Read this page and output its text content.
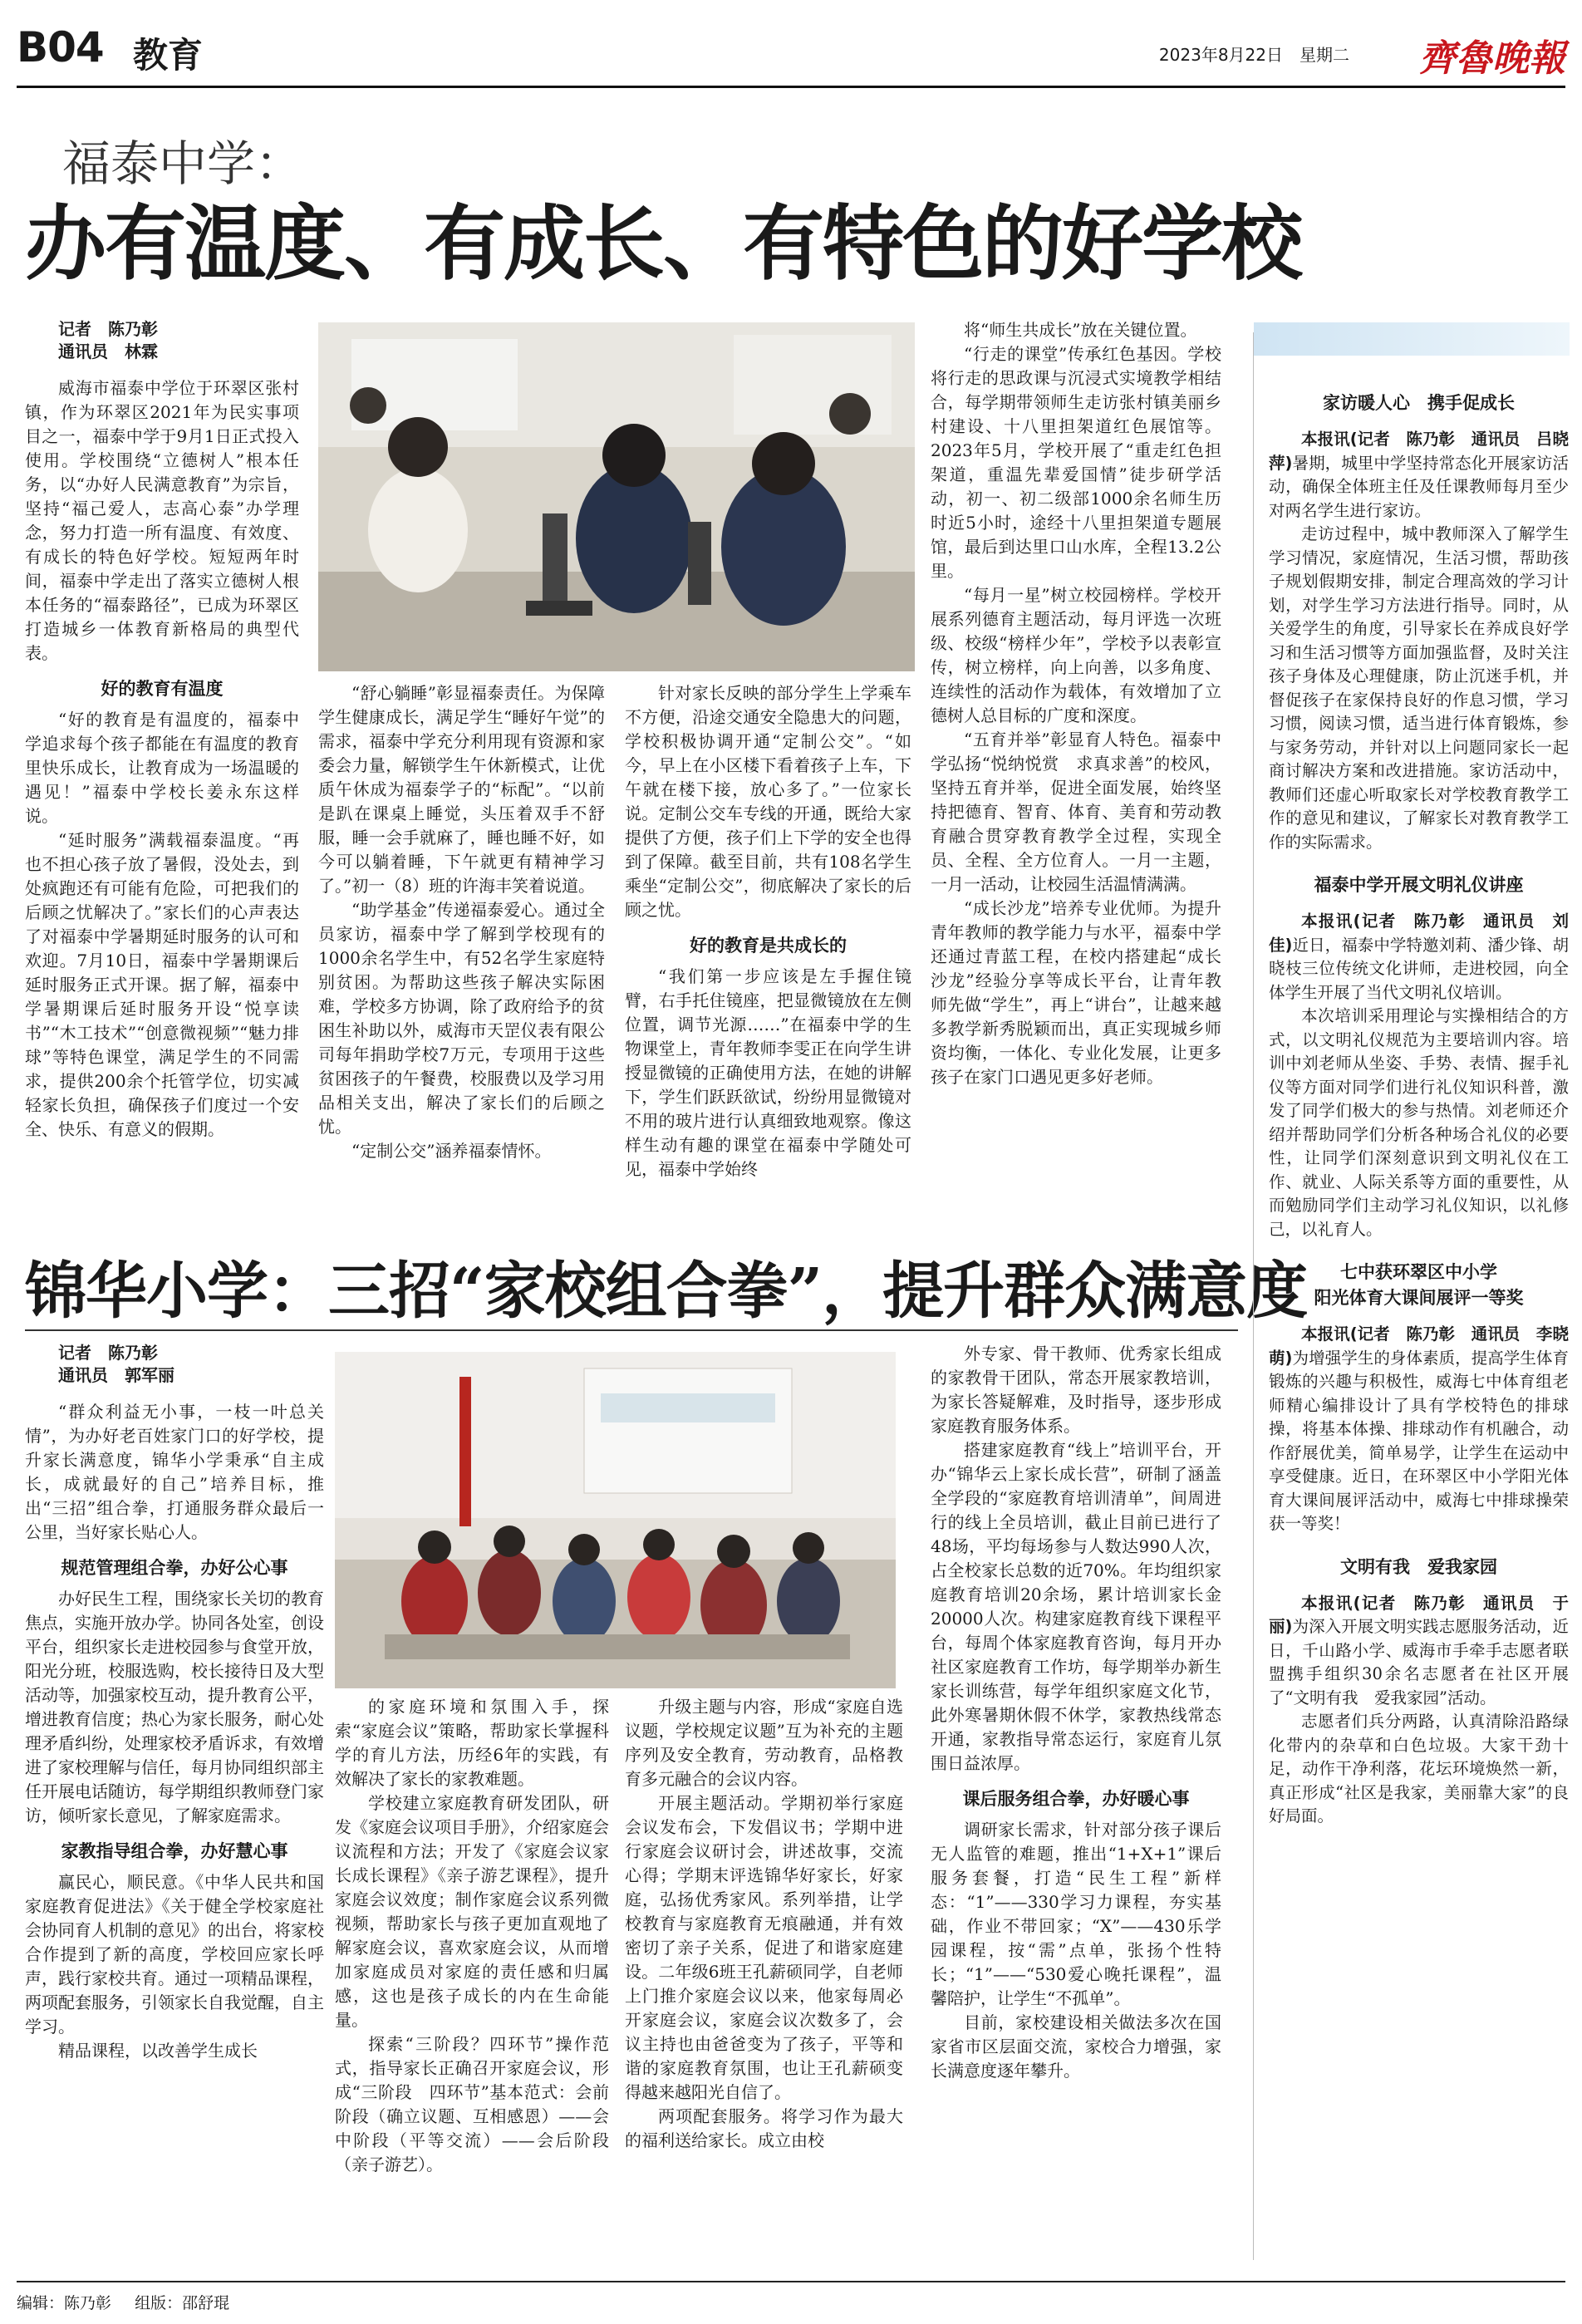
B04 教育	2023年8月22日　星期二 齊魯晚報
福泰中学：
办有温度、有成长、有特色的好学校
记者　陈乃彰
通讯员　林霖

威海市福泰中学位于环翠区张村镇，作为环翠区2021年为民实事项目之一，福泰中学于9月1日正式投入使用。学校围绕“立德树人”根本任务，以“办好人民满意教育”为宗旨，坚持“福己爱人，志高心泰”办学理念，努力打造一所有温度、有效度、有成长的特色好学校。短短两年时间，福泰中学走出了落实立德树人根本任务的“福泰路径”，已成为环翠区打造城乡一体教育新格局的典型代表。

好的教育有温度

“好的教育是有温度的，福泰中学追求每个孩子都能在有温度的教育里快乐成长，让教育成为一场温暖的遇见！”福泰中学校长姜永东这样说。

“延时服务”满载福泰温度。“再也不担心孩子放了暑假，没处去，到处疯跑还有可能有危险，可把我们的后顾之忧解决了。”家长们的心声表达了对福泰中学暑期延时服务的认可和欢迎。7月10日，福泰中学暑期课后延时服务正式开课。据了解，福泰中学暑期课后延时服务开设“悦享读书”“木工技术”“创意微视频”“魅力排球”等特色课堂，满足学生的不同需求，提供200余个托管学位，切实减轻家长负担，确保孩子们度过一个安全、快乐、有意义的假期。

“舒心躺睡”彰显福泰责任。为保障学生健康成长，满足学生“睡好午觉”的需求，福泰中学充分利用现有资源和家委会力量，解锁学生午休新模式，让优质午休成为福泰学子的“标配”。“以前是趴在课桌上睡觉，头压着双手不舒服，睡一会手就麻了，睡也睡不好，如今可以躺着睡，下午就更有精神学习了。”初一（8）班的许海丰笑着说道。

“助学基金”传递福泰爱心。通过全员家访，福泰中学了解到学校现有的1000余名学生中，有52名学生家庭特别贫困。为帮助这些孩子解决实际困难，学校多方协调，除了政府给予的贫困生补助以外，威海市天罡仪表有限公司每年捐助学校7万元，专项用于这些贫困孩子的午餐费，校服费以及学习用品相关支出，解决了家长们的后顾之忧。

“定制公交”涵养福泰情怀。

针对家长反映的部分学生上学乘车不方便，沿途交通安全隐患大的问题，学校积极协调开通“定制公交”。“如今，早上在小区楼下看着孩子上车，下午就在楼下接，放心多了。”一位家长说。定制公交车专线的开通，既给大家提供了方便，孩子们上下学的安全也得到了保障。截至目前，共有108名学生乘坐“定制公交”，彻底解决了家长的后顾之忧。

好的教育是共成长的

“我们第一步应该是左手握住镜臂，右手托住镜座，把显微镜放在左侧位置，调节光源……”在福泰中学的生物课堂上，青年教师李雯正在向学生讲授显微镜的正确使用方法，在她的讲解下，学生们跃跃欲试，纷纷用显微镜对不用的玻片进行认真细致地观察。像这样生动有趣的课堂在福泰中学随处可见，福泰中学始终

将“师生共成长”放在关键位置。

“行走的课堂”传承红色基因。学校将行走的思政课与沉浸式实境教学相结合，每学期带领师生走访张村镇美丽乡村建设、十八里担架道红色展馆等。2023年5月，学校开展了“重走红色担架道，重温先辈爱国情”徒步研学活动，初一、初二级部1000余名师生历时近5小时，途经十八里担架道专题展馆，最后到达里口山水库，全程13.2公里。

“每月一星”树立校园榜样。学校开展系列德育主题活动，每月评选一次班级、校级“榜样少年”，学校予以表彰宣传，树立榜样，向上向善，以多角度、连续性的活动作为载体，有效增加了立德树人总目标的广度和深度。

“五育并举”彰显育人特色。福泰中学弘扬“悦纳悦赏　求真求善”的校风，坚持五育并举，促进全面发展，始终坚持把德育、智育、体育、美育和劳动教育融合贯穿教育教学全过程，实现全员、全程、全方位育人。一月一主题，一月一活动，让校园生活温情满满。

“成长沙龙”培养专业优师。为提升青年教师的教学能力与水平，福泰中学还通过青蓝工程，在校内搭建起“成长沙龙”经验分享等成长平台，让青年教师先做“学生”，再上“讲台”，让越来越多教学新秀脱颖而出，真正实现城乡师资均衡，一体化、专业化发展，让更多孩子在家门口遇见更多好老师。

锦华小学：三招“家校组合拳”，提升群众满意度
记者　陈乃彰
通讯员　郭军丽

“群众利益无小事，一枝一叶总关情”，为办好老百姓家门口的好学校，提升家长满意度，锦华小学秉承“自主成长，成就最好的自己”培养目标，推出“三招”组合拳，打通服务群众最后一公里，当好家长贴心人。

规范管理组合拳，办好公心事

办好民生工程，围绕家长关切的教育焦点，实施开放办学。协同各处室，创设平台，组织家长走进校园参与食堂开放，阳光分班，校服选购，校长接待日及大型活动等，加强家校互动，提升教育公平，增进教育信度；热心为家长服务，耐心处理矛盾纠纷，处理家校矛盾诉求，有效增进了家校理解与信任，每月协同组织部主任开展电话随访，每学期组织教师登门家访，倾听家长意见，了解家庭需求。

家教指导组合拳，办好慧心事

赢民心，顺民意。《中华人民共和国家庭教育促进法》《关于健全学校家庭社会协同育人机制的意见》的出台，将家校合作提到了新的高度，学校回应家长呼声，践行家校共育。通过一项精品课程，两项配套服务，引领家长自我觉醒，自主学习。

精品课程，以改善学生成长

的家庭环境和氛围入手，探索“家庭会议”策略，帮助家长掌握科学的育儿方法，历经6年的实践，有效解决了家长的家教难题。

学校建立家庭教育研发团队，研发《家庭会议项目手册》，介绍家庭会议流程和方法；开发了《家庭会议家长成长课程》《亲子游艺课程》，提升家庭会议效度；制作家庭会议系列微视频，帮助家长与孩子更加直观地了解家庭会议，喜欢家庭会议，从而增加家庭成员对家庭的责任感和归属感，这也是孩子成长的内在生命能量。

探索“三阶段？四环节”操作范式，指导家长正确召开家庭会议，形成“三阶段　四环节”基本范式：会前阶段（确立议题、互相感恩）——会中阶段（平等交流）——会后阶段（亲子游艺）。

升级主题与内容，形成“家庭自选议题，学校规定议题”互为补充的主题序列及安全教育，劳动教育，品格教育多元融合的会议内容。

开展主题活动。学期初举行家庭会议发布会，下发倡议书；学期中进行家庭会议研讨会，讲述故事，交流心得；学期末评选锦华好家长，好家庭，弘扬优秀家风。系列举措，让学校教育与家庭教育无痕融通，并有效密切了亲子关系，促进了和谐家庭建设。二年级6班王孔薪硕同学，自老师上门推介家庭会议以来，他家每周必开家庭会议，家庭会议次数多了，会议主持也由爸爸变为了孩子，平等和谐的家庭教育氛围，也让王孔薪硕变得越来越阳光自信了。

两项配套服务。将学习作为最大的福利送给家长。成立由校

外专家、骨干教师、优秀家长组成的家教骨干团队，常态开展家教培训，为家长答疑解难，及时指导，逐步形成家庭教育服务体系。

搭建家庭教育“线上”培训平台，开办“锦华云上家长成长营”，研制了涵盖全学段的“家庭教育培训清单”，间周进行的线上全员培训，截止目前已进行了48场，平均每场参与人数达990人次，占全校家长总数的近70%。年均组织家庭教育培训20余场，累计培训家长金20000人次。构建家庭教育线下课程平台，每周个体家庭教育咨询，每月开办社区家庭教育工作坊，每学期举办新生家长训练营，每学年组织家庭文化节，此外寒暑期休假不休学，家教热线常态开通，家教指导常态运行，家庭育儿氛围日益浓厚。

课后服务组合拳，办好暖心事

调研家长需求，针对部分孩子课后无人监管的难题，推出“1+X+1”课后服务套餐，打造“民生工程”新样态：“1”——330学习力课程，夯实基础，作业不带回家；“X”——430乐学园课程，按“需”点单，张扬个性特长；“1”——“530爱心晚托课程”，温馨陪护，让学生“不孤单”。

目前，家校建设相关做法多次在国家省市区层面交流，家校合力增强，家长满意度逐年攀升。

家访暖人心　携手促成长

本报讯(记者　陈乃彰　通讯员　吕晓萍)暑期，城里中学坚持常态化开展家访活动，确保全体班主任及任课教师每月至少对两名学生进行家访。

走访过程中，城中教师深入了解学生学习情况，家庭情况，生活习惯，帮助孩子规划假期安排，制定合理高效的学习计划，对学生学习方法进行指导。同时，从关爱学生的角度，引导家长在养成良好学习和生活习惯等方面加强监督，及时关注孩子身体及心理健康，防止沉迷手机，并督促孩子在家保持良好的作息习惯，学习习惯，阅读习惯，适当进行体育锻炼，参与家务劳动，并针对以上问题同家长一起商讨解决方案和改进措施。家访活动中，教师们还虚心听取家长对学校教育教学工作的意见和建议，了解家长对教育教学工作的实际需求。

福泰中学开展文明礼仪讲座

本报讯(记者　陈乃彰　通讯员　刘佳)近日，福泰中学特邀刘莉、潘少锋、胡晓枝三位传统文化讲师，走进校园，向全体学生开展了当代文明礼仪培训。

本次培训采用理论与实操相结合的方式，以文明礼仪规范为主要培训内容。培训中刘老师从坐姿、手势、表情、握手礼仪等方面对同学们进行礼仪知识科普，激发了同学们极大的参与热情。刘老师还介绍并帮助同学们分析各种场合礼仪的必要性，让同学们深刻意识到文明礼仪在工作、就业、人际关系等方面的重要性，从而勉励同学们主动学习礼仪知识，以礼修己，以礼育人。

七中获环翠区中小学
阳光体育大课间展评一等奖

本报讯(记者　陈乃彰　通讯员　李晓萌)为增强学生的身体素质，提高学生体育锻炼的兴趣与积极性，威海七中体育组老师精心编排设计了具有学校特色的排球操，将基本体操、排球动作有机融合，动作舒展优美，简单易学，让学生在运动中享受健康。近日，在环翠区中小学阳光体育大课间展评活动中，威海七中排球操荣获一等奖！

文明有我　爱我家园

本报讯(记者　陈乃彰　通讯员　于丽)为深入开展文明实践志愿服务活动，近日，千山路小学、威海市手牵手志愿者联盟携手组织30余名志愿者在社区开展了“文明有我　爱我家园”活动。

志愿者们兵分两路，认真清除沿路绿化带内的杂草和白色垃圾。大家干劲十足，动作干净利落，花坛环境焕然一新，真正形成“社区是我家，美丽靠大家”的良好局面。

编辑：陈乃彰 组版：邵舒琨
